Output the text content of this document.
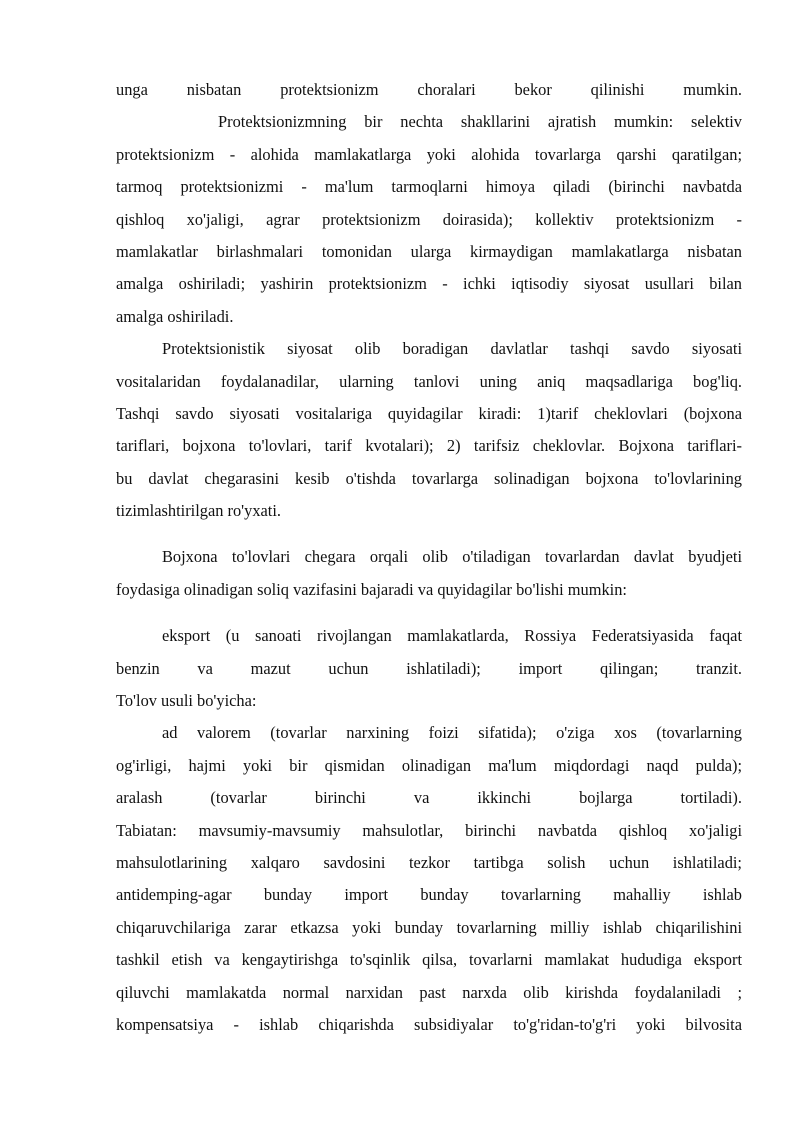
unga nisbatan protektsionizm choralari bekor qilinishi mumkin.
Protektsionizmning bir nechta shakllarini ajratish mumkin: selektiv
protektsionizm - alohida mamlakatlarga yoki alohida tovarlarga qarshi qaratilgan;
tarmoq protektsionizmi - ma'lum tarmoqlarni himoya qiladi (birinchi navbatda
qishloq xo'jaligi, agrar protektsionizm doirasida); kollektiv protektsionizm -
mamlakatlar birlashmalari tomonidan ularga kirmaydigan mamlakatlarga nisbatan
amalga oshiriladi; yashirin protektsionizm - ichki iqtisodiy siyosat usullari bilan
amalga oshiriladi.
Protektsionistik siyosat olib boradigan davlatlar tashqi savdo siyosati
vositalaridan foydalanadilar, ularning tanlovi uning aniq maqsadlariga bog'liq.
Tashqi savdo siyosati vositalariga quyidagilar kiradi: 1)tarif cheklovlari (bojxona
tariflari, bojxona to'lovlari, tarif kvotalari); 2) tarifsiz cheklovlar. Bojxona tariflari-
bu davlat chegarasini kesib o'tishda tovarlarga solinadigan bojxona to'lovlarining
tizimlashtirilgan ro'yxati.
Bojxona to'lovlari chegara orqali olib o'tiladigan tovarlardan davlat byudjeti
foydasiga olinadigan soliq vazifasini bajaradi va quyidagilar bo'lishi mumkin:
eksport (u sanoati rivojlangan mamlakatlarda, Rossiya Federatsiyasida faqat
benzin va mazut uchun ishlatiladi); import qilingan; tranzit.
To'lov usuli bo'yicha:
ad valorem (tovarlar narxining foizi sifatida); o'ziga xos (tovarlarning
og'irligi, hajmi yoki bir qismidan olinadigan ma'lum miqdordagi naqd pulda);
aralash (tovarlar birinchi va ikkinchi bojlarga tortiladi).
Tabiatan: mavsumiy-mavsumiy mahsulotlar, birinchi navbatda qishloq xo'jaligi
mahsulotlarining xalqaro savdosini tezkor tartibga solish uchun ishlatiladi;
antidemping-agar bunday import bunday tovarlarning mahalliy ishlab
chiqaruvchilariga zarar etkazsa yoki bunday tovarlarning milliy ishlab chiqarilishini
tashkil etish va kengaytirishga to'sqinlik qilsa, tovarlarni mamlakat hududiga eksport
qiluvchi mamlakatda normal narxidan past narxda olib kirishda foydalaniladi ;
kompensatsiya - ishlab chiqarishda subsidiyalar to'g'ridan-to'g'ri yoki bilvosita
